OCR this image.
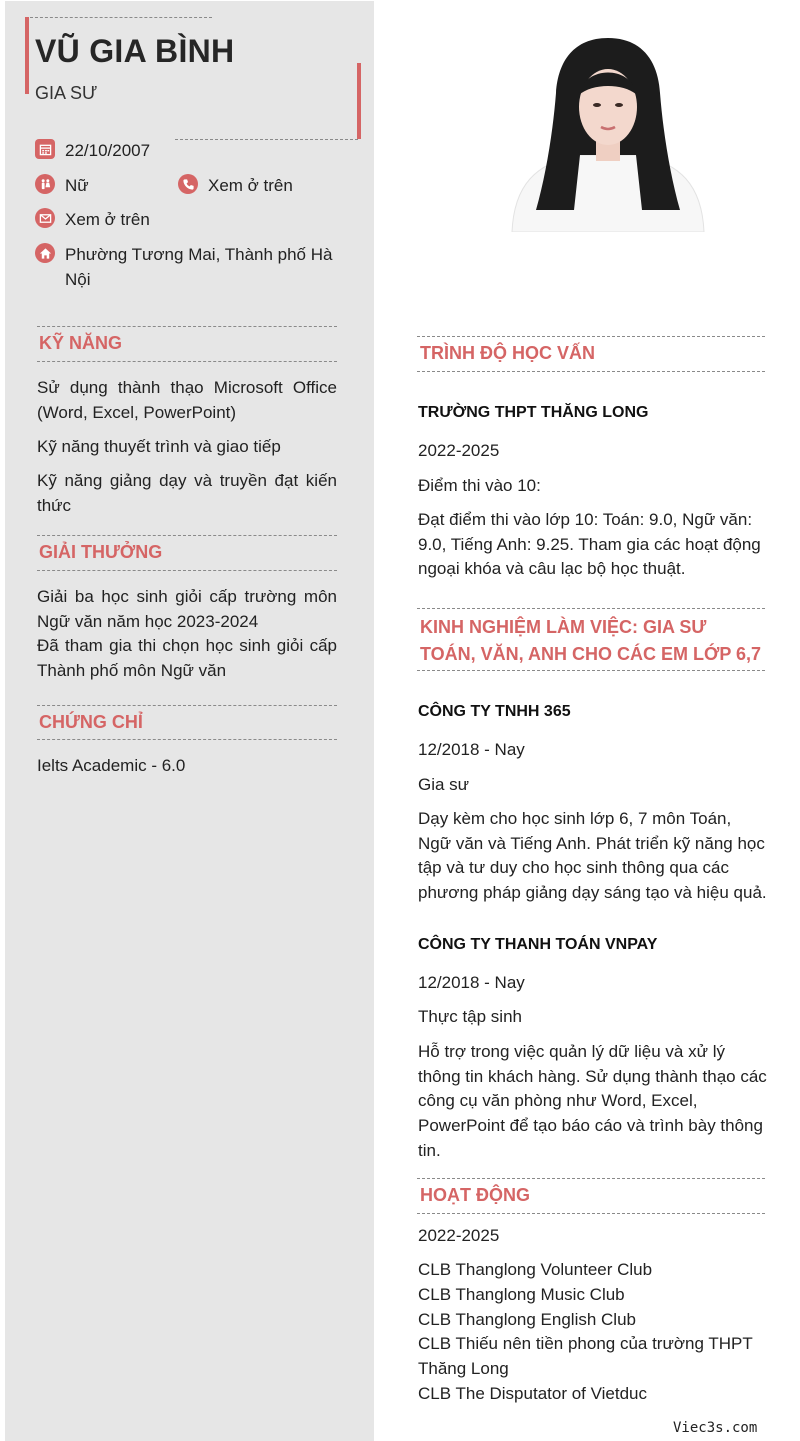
VŨ GIA BÌNH
GIA SƯ
22/10/2007
Nữ	Xem ở trên
Xem ở trên
Phường Tương Mai, Thành phố Hà Nội
KỸ NĂNG
Sử dụng thành thạo Microsoft Office (Word, Excel, PowerPoint)
Kỹ năng thuyết trình và giao tiếp
Kỹ năng giảng dạy và truyền đạt kiến thức
GIẢI THƯỞNG
Giải ba học sinh giỏi cấp trường môn Ngữ văn năm học 2023-2024
Đã tham gia thi chọn học sinh giỏi cấp Thành phố môn Ngữ văn
CHỨNG CHỈ
Ielts Academic - 6.0
TRÌNH ĐỘ HỌC VẤN
TRƯỜNG THPT THĂNG LONG
2022-2025
Điểm thi vào 10:
Đạt điểm thi vào lớp 10: Toán: 9.0, Ngữ văn: 9.0, Tiếng Anh: 9.25. Tham gia các hoạt động ngoại khóa và câu lạc bộ học thuật.
KINH NGHIỆM LÀM VIỆC: GIA SƯ TOÁN, VĂN, ANH CHO CÁC EM LỚP 6,7
CÔNG TY TNHH 365
12/2018 - Nay
Gia sư
Dạy kèm cho học sinh lớp 6, 7 môn Toán, Ngữ văn và Tiếng Anh. Phát triển kỹ năng học tập và tư duy cho học sinh thông qua các phương pháp giảng dạy sáng tạo và hiệu quả.
CÔNG TY THANH TOÁN VNPAY
12/2018 - Nay
Thực tập sinh
Hỗ trợ trong việc quản lý dữ liệu và xử lý thông tin khách hàng. Sử dụng thành thạo các công cụ văn phòng như Word, Excel, PowerPoint để tạo báo cáo và trình bày thông tin.
HOẠT ĐỘNG
2022-2025
CLB Thanglong Volunteer Club
CLB Thanglong Music Club
CLB Thanglong English Club
CLB Thiếu nên tiền phong của trường THPT Thăng Long
CLB The Disputator of Vietduc
Viec3s.com
